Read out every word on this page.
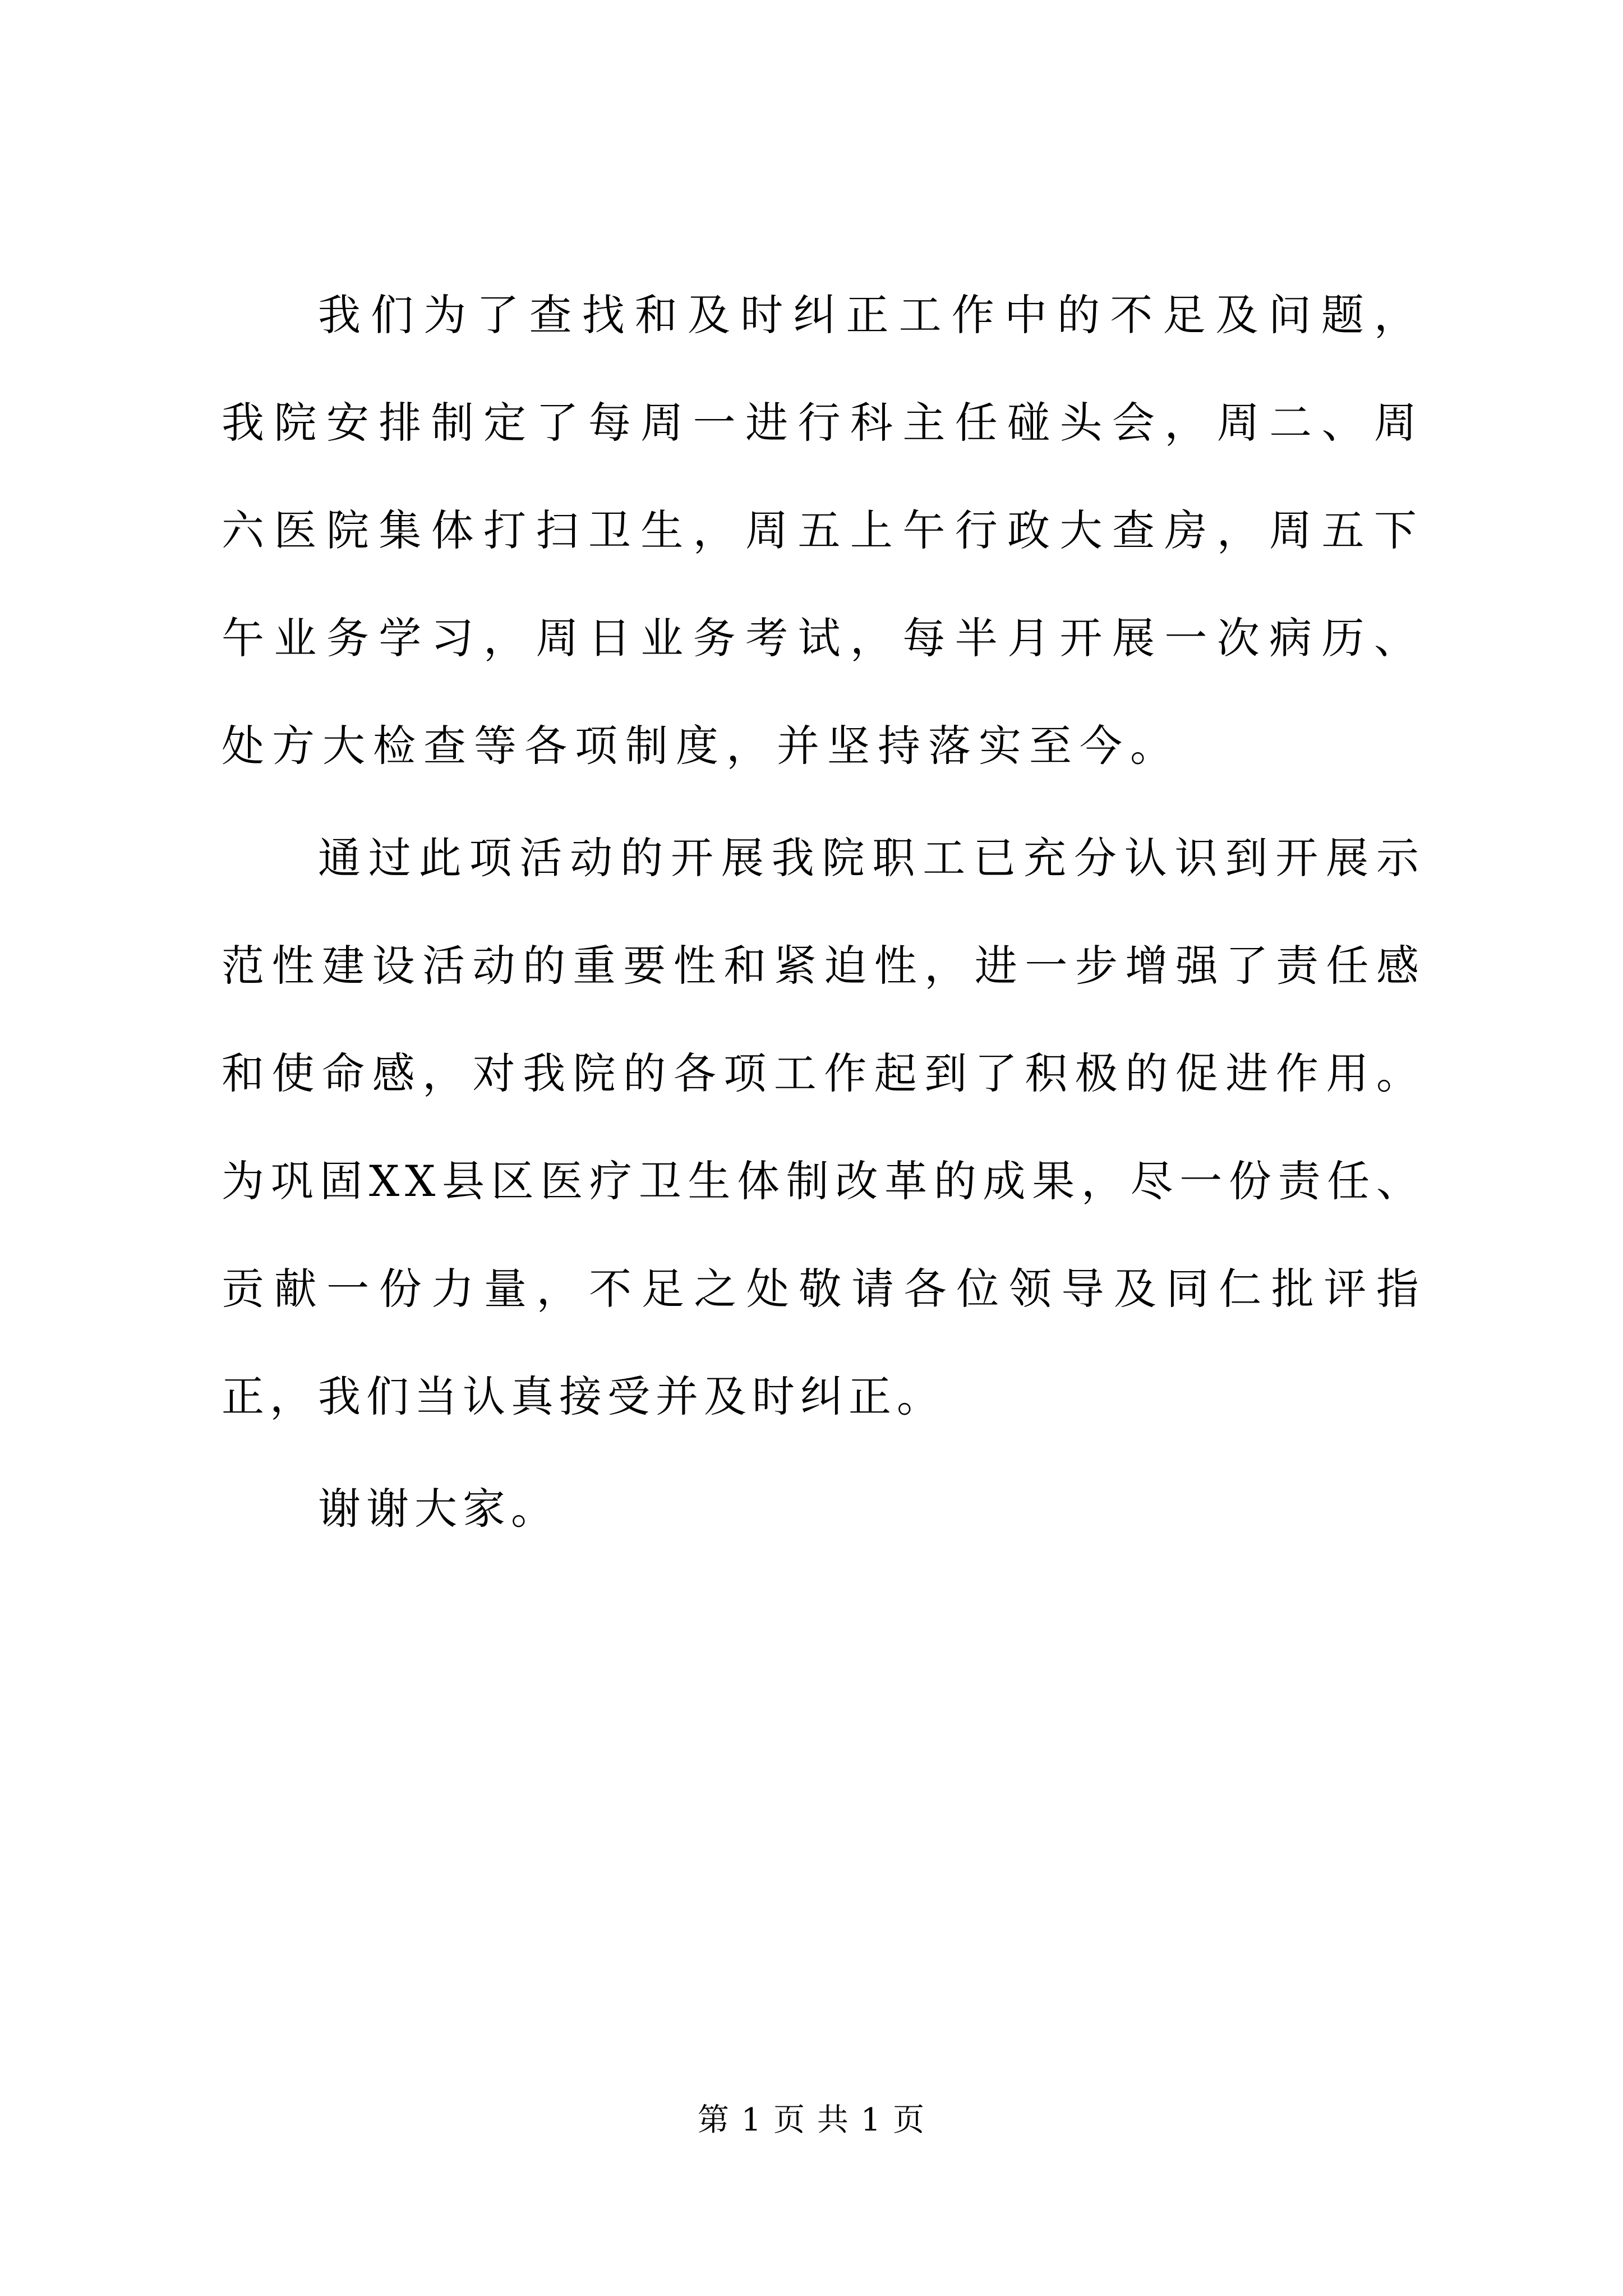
我们为了查找和及时纠正工作中的不足及问题，我院安排制定了每周一进行科主任碰头会，周二、周六医院集体打扫卫生，周五上午行政大查房，周五下午业务学习，周日业务考试，每半月开展一次病历、处方大检查等各项制度，并坚持落实至今。

通过此项活动的开展我院职工已充分认识到开展示范性建设活动的重要性和紧迫性，进一步增强了责任感和使命感，对我院的各项工作起到了积极的促进作用。为巩固XX县区医疗卫生体制改革的成果，尽一份责任、贡献一份力量，不足之处敬请各位领导及同仁批评指正，我们当认真接受并及时纠正。

谢谢大家。

第 1 页 共 1 页
